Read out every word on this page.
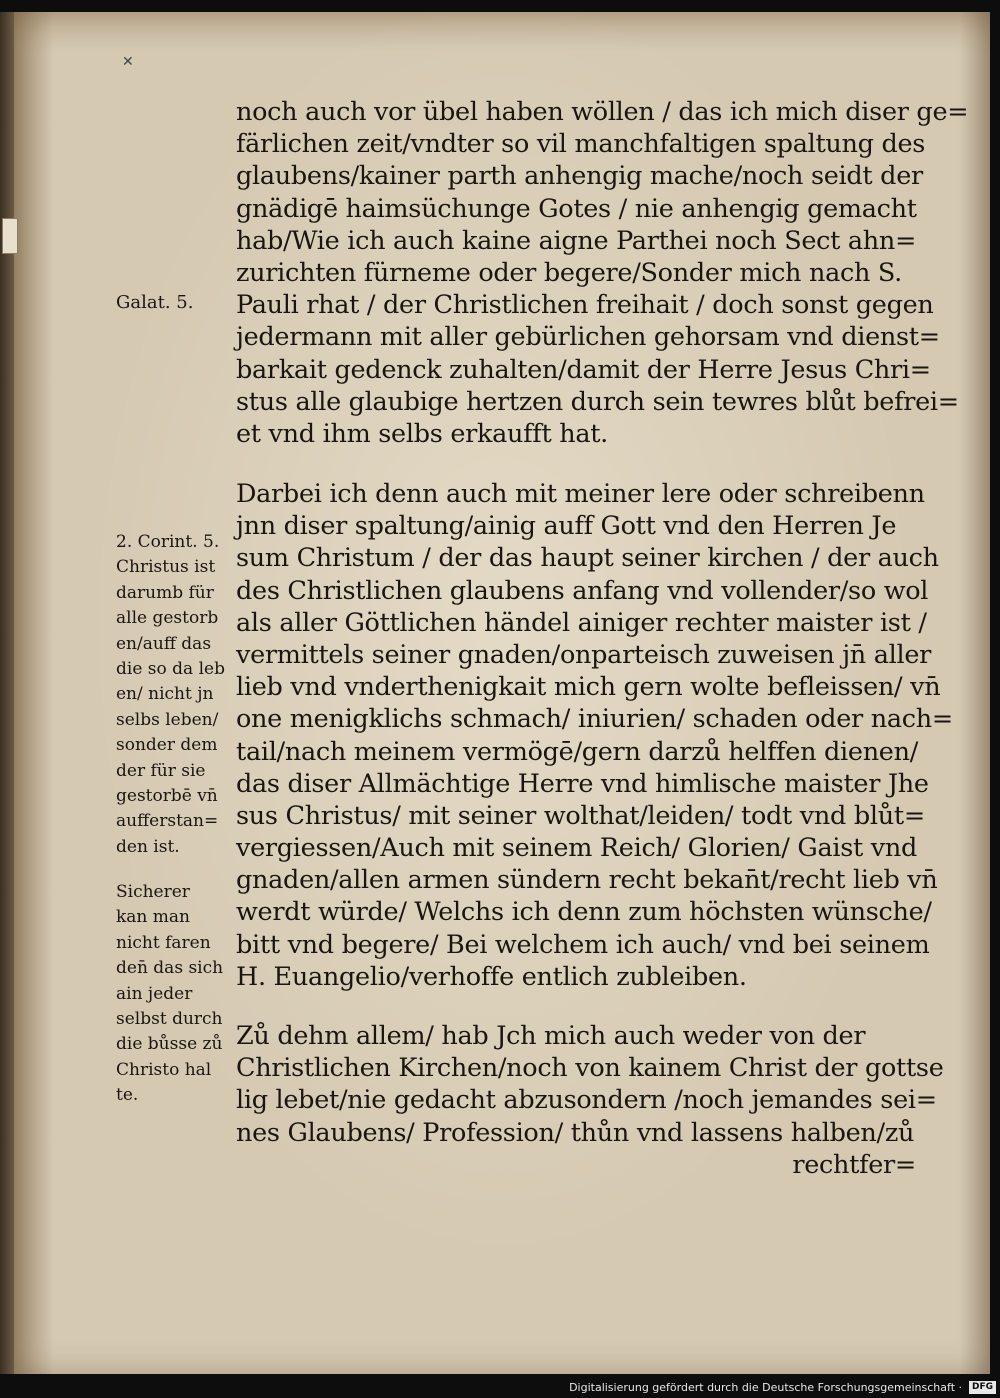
✕
noch auch vor übel haben wöllen / das ich mich diser ge=
färlichen zeit/vndter so vil manchfaltigen spaltung des
glaubens/kainer parth anhengig mache/noch seidt der
gnädigē haimsüchunge Gotes / nie anhengig gemacht
hab/Wie ich auch kaine aigne Parthei noch Sect ahn=
zurichten fürneme oder begere/Sonder mich nach S.
Pauli rhat / der Christlichen freihait / doch sonst gegen
jedermann mit aller gebürlichen gehorsam vnd dienst=
barkait gedenck zuhalten/damit der Herre Jesus Chri=
stus alle glaubige hertzen durch sein tewres blůt befrei=
et vnd ihm selbs erkaufft hat.
Darbei ich denn auch mit meiner lere oder schreibenn
jnn diser spaltung/ainig auff Gott vnd den Herren Je
sum Christum / der das haupt seiner kirchen / der auch
des Christlichen glaubens anfang vnd vollender/so wol
als aller Göttlichen händel ainiger rechter maister ist /
vermittels seiner gnaden/onparteisch zuweisen jn̄ aller
lieb vnd vnderthenigkait mich gern wolte befleissen/ vn̄
one menigklichs schmach/ iniurien/ schaden oder nach=
tail/nach meinem vermögē/gern darzů helffen dienen/
das diser Allmächtige Herre vnd himlische maister Jhe
sus Christus/ mit seiner wolthat/leiden/ todt vnd blůt=
vergiessen/Auch mit seinem Reich/ Glorien/ Gaist vnd
gnaden/allen armen sündern recht bekan̄t/recht lieb vn̄
werdt würde/ Welchs ich denn zum höchsten wünsche/
bitt vnd begere/ Bei welchem ich auch/ vnd bei seinem
H. Euangelio/verhoffe entlich zubleiben.
Zů dehm allem/ hab Jch mich auch weder von der
Christlichen Kirchen/noch von kainem Christ der gottse
lig lebet/nie gedacht abzusondern /noch jemandes sei=
nes Glaubens/ Profession/ thůn vnd lassens halben/zů
rechtfer=
Galat. 5.
2. Corint. 5.
Christus ist
darumb für
alle gestorb
en/auff das
die so da leb
en/ nicht jn
selbs leben/
sonder dem
der für sie
gestorbē vn̄
aufferstan=
den ist.
Sicherer
kan man
nicht faren
den̄ das sich
ain jeder
selbst durch
die bůsse zů
Christo hal
te.
Digitalisierung gefördert durch die Deutsche Forschungsgemeinschaft ·	DFG
